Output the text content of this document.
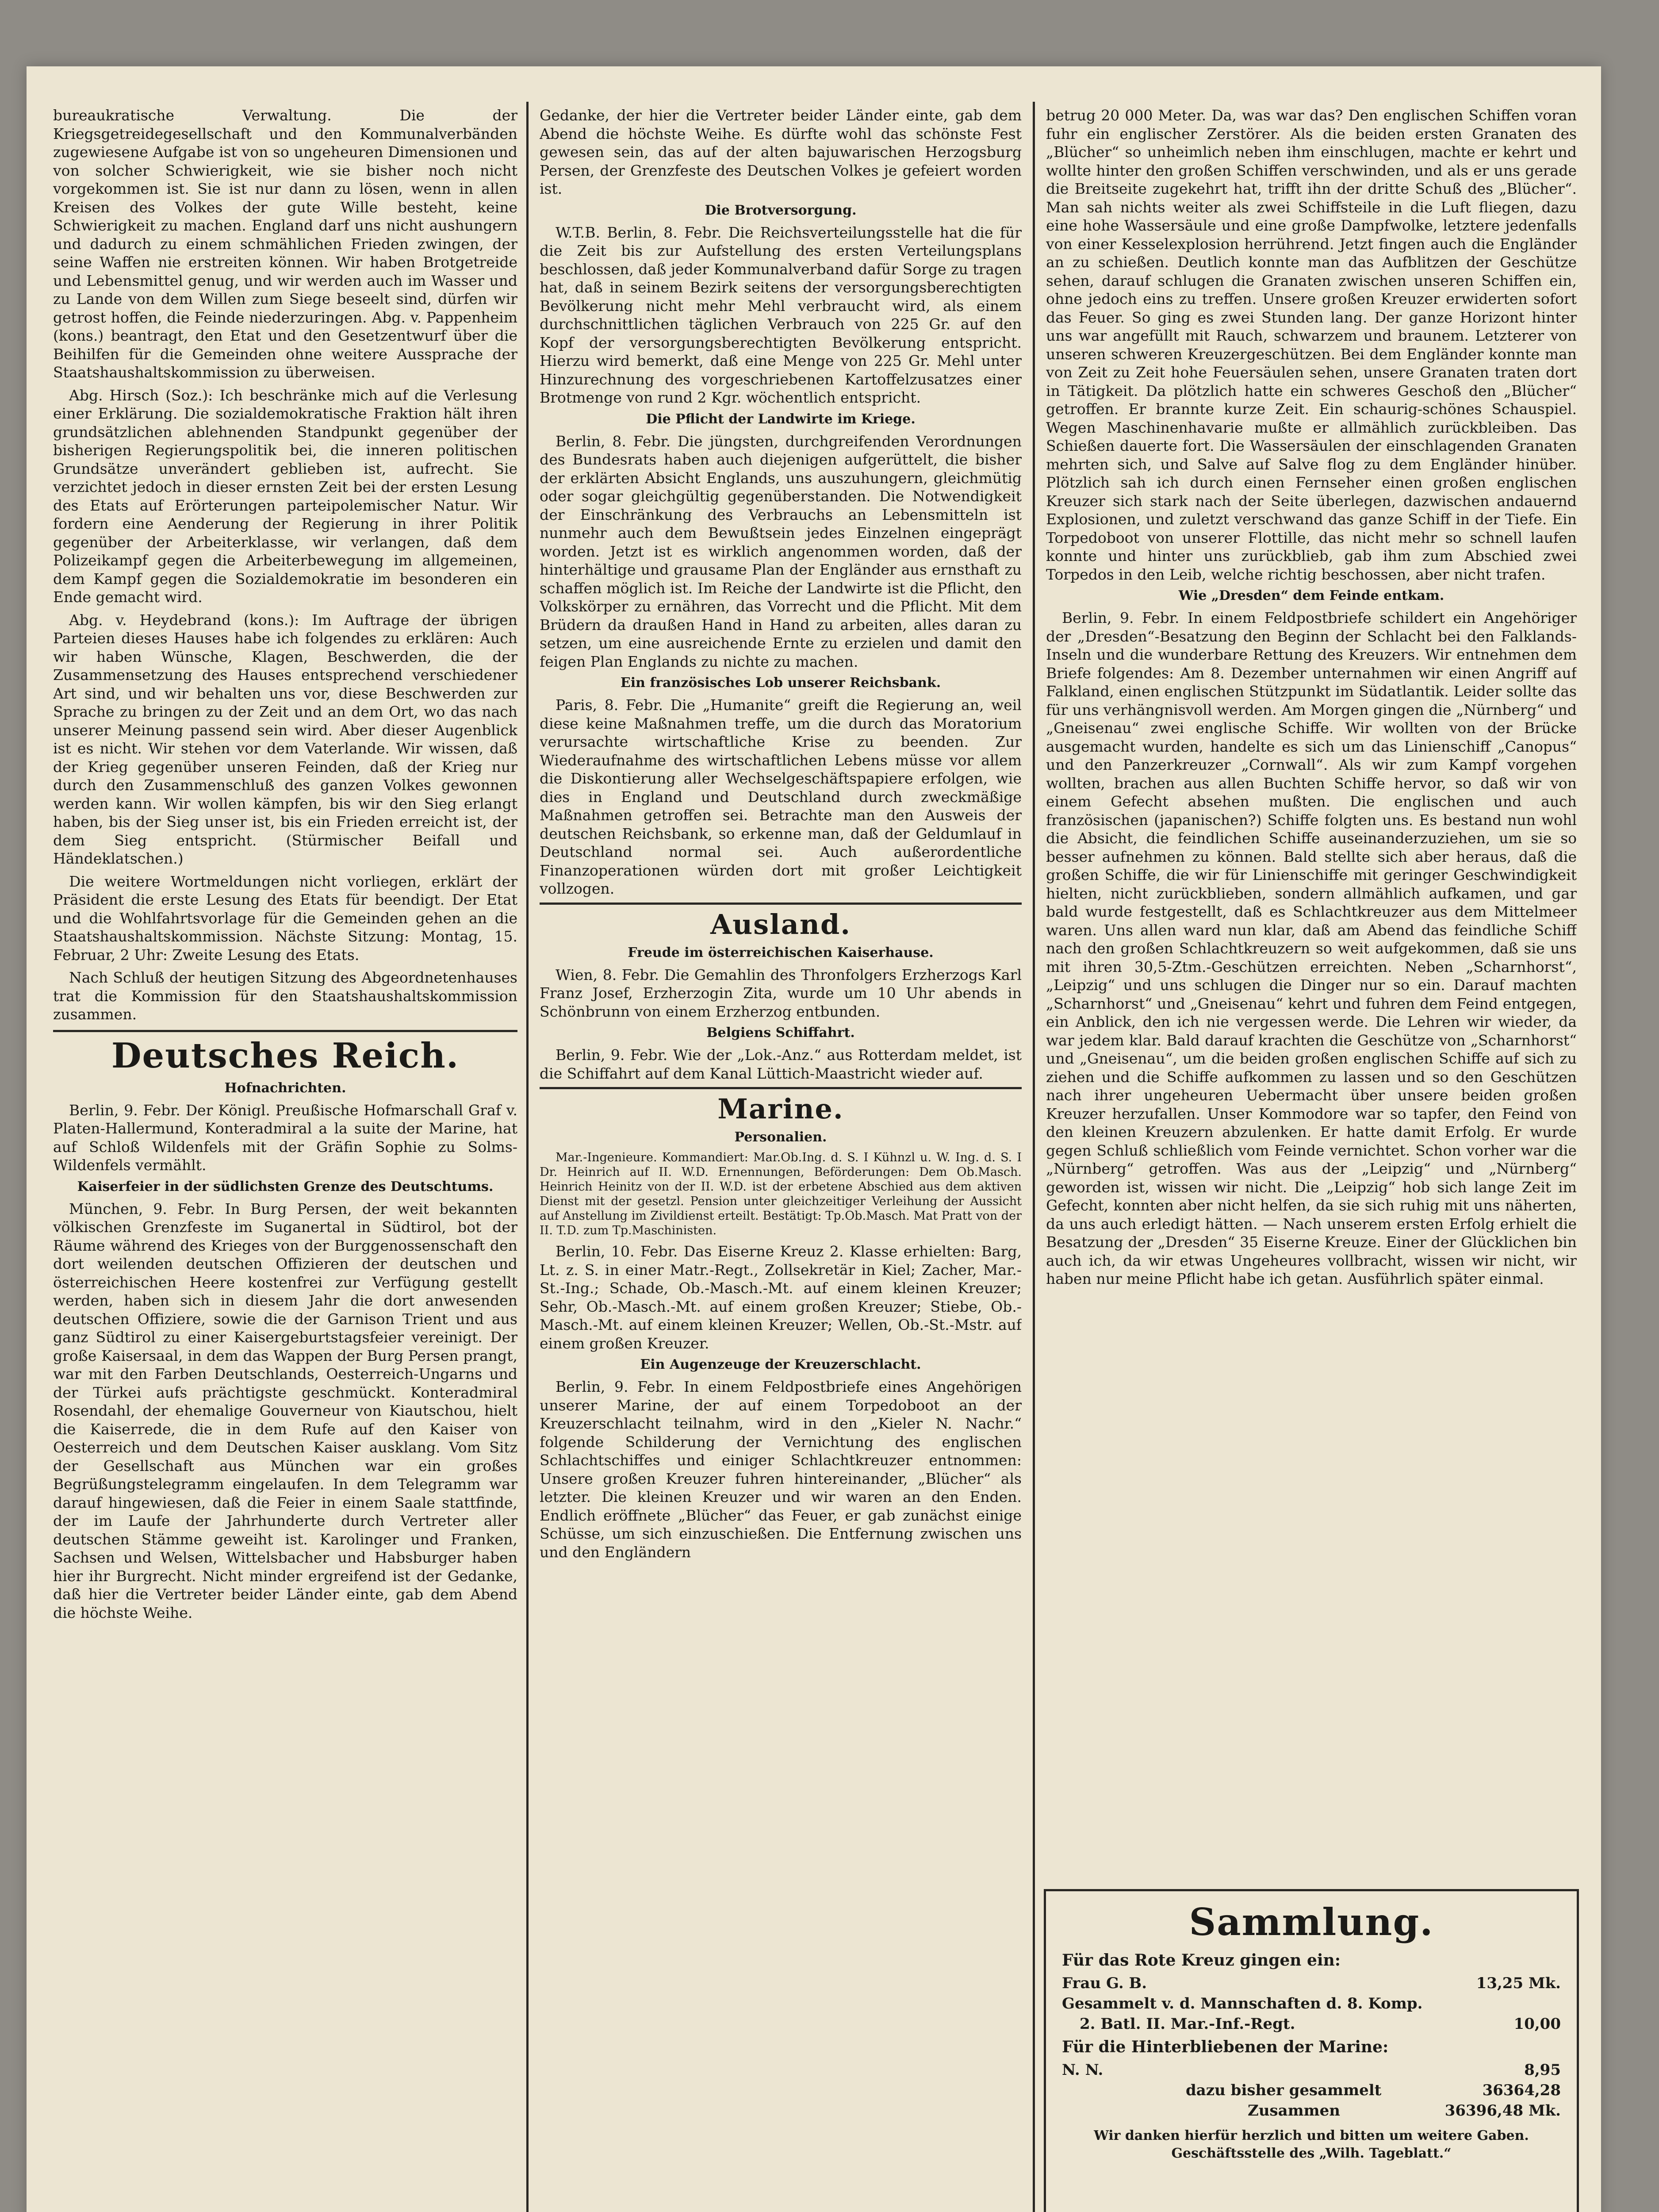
bureaukratische Verwaltung. Die der Kriegsgetreidegesellschaft und den Kommunalverbänden zugewiesene Aufgabe ist von so ungeheuren Dimensionen und von solcher Schwierigkeit, wie sie bisher noch nicht vorgekommen ist. Sie ist nur dann zu lösen, wenn in allen Kreisen des Volkes der gute Wille besteht, keine Schwierigkeit zu machen. England darf uns nicht aushungern und dadurch zu einem schmählichen Frieden zwingen, der seine Waffen nie erstreiten können. Wir haben Brotgetreide und Lebensmittel genug, und wir werden auch im Wasser und zu Lande von dem Willen zum Siege beseelt sind, dürfen wir getrost hoffen, die Feinde niederzuringen. Abg. v. Pappenheim (kons.) beantragt, den Etat und den Gesetzentwurf über die Beihilfen für die Gemeinden ohne weitere Aussprache der Staatshaushaltskommission zu überweisen.

Abg. Hirsch (Soz.): Ich beschränke mich auf die Verlesung einer Erklärung. Die sozialdemokratische Fraktion hält ihren grundsätzlichen ablehnenden Standpunkt gegenüber der bisherigen Regierungspolitik bei, die inneren politischen Grundsätze unverändert geblieben ist, aufrecht. Sie verzichtet jedoch in dieser ernsten Zeit bei der ersten Lesung des Etats auf Erörterungen parteipolemischer Natur. Wir fordern eine Aenderung der Regierung in ihrer Politik gegenüber der Arbeiterklasse, wir verlangen, daß dem Polizeikampf gegen die Arbeiterbewegung im allgemeinen, dem Kampf gegen die Sozialdemokratie im besonderen ein Ende gemacht wird.

Abg. v. Heydebrand (kons.): Im Auftrage der übrigen Parteien dieses Hauses habe ich folgendes zu erklären: Auch wir haben Wünsche, Klagen, Beschwerden, die der Zusammensetzung des Hauses entsprechend verschiedener Art sind, und wir behalten uns vor, diese Beschwerden zur Sprache zu bringen zu der Zeit und an dem Ort, wo das nach unserer Meinung passend sein wird. Aber dieser Augenblick ist es nicht. Wir stehen vor dem Vaterlande. Wir wissen, daß der Krieg gegenüber unseren Feinden, daß der Krieg nur durch den Zusammenschluß des ganzen Volkes gewonnen werden kann. Wir wollen kämpfen, bis wir den Sieg erlangt haben, bis der Sieg unser ist, bis ein Frieden erreicht ist, der dem Sieg entspricht. (Stürmischer Beifall und Händeklatschen.)

Die weitere Wortmeldungen nicht vorliegen, erklärt der Präsident die erste Lesung des Etats für beendigt. Der Etat und die Wohlfahrtsvorlage für die Gemeinden gehen an die Staatshaushaltskommission. Nächste Sitzung: Montag, 15. Februar, 2 Uhr: Zweite Lesung des Etats.

Nach Schluß der heutigen Sitzung des Abgeordnetenhauses trat die Kommission für den Staatshaushaltskommission zusammen.

Deutsches Reich.
Hofnachrichten.

Berlin, 9. Febr. Der Königl. Preußische Hofmarschall Graf v. Platen-Hallermund, Konteradmiral a la suite der Marine, hat auf Schloß Wildenfels mit der Gräfin Sophie zu Solms-Wildenfels vermählt.

Kaiserfeier in der südlichsten Grenze des Deutschtums.

München, 9. Febr. In Burg Persen, der weit bekannten völkischen Grenzfeste im Suganertal in Südtirol, bot der Räume während des Krieges von der Burggenossenschaft den dort weilenden deutschen Offizieren der deutschen und österreichischen Heere kostenfrei zur Verfügung gestellt werden, haben sich in diesem Jahr die dort anwesenden deutschen Offiziere, sowie die der Garnison Trient und aus ganz Südtirol zu einer Kaisergeburtstagsfeier vereinigt. Der große Kaisersaal, in dem das Wappen der Burg Persen prangt, war mit den Farben Deutschlands, Oesterreich-Ungarns und der Türkei aufs prächtigste geschmückt. Konteradmiral Rosendahl, der ehemalige Gouverneur von Kiautschou, hielt die Kaiserrede, die in dem Rufe auf den Kaiser von Oesterreich und dem Deutschen Kaiser ausklang. Vom Sitz der Gesellschaft aus München war ein großes Begrüßungstelegramm eingelaufen. In dem Telegramm war darauf hingewiesen, daß die Feier in einem Saale stattfinde, der im Laufe der Jahrhunderte durch Vertreter aller deutschen Stämme geweiht ist. Karolinger und Franken, Sachsen und Welsen, Wittelsbacher und Habsburger haben hier ihr Burgrecht. Nicht minder ergreifend ist der Gedanke, daß hier die Vertreter beider Länder einte, gab dem Abend die höchste Weihe.

Gedanke, der hier die Vertreter beider Länder einte, gab dem Abend die höchste Weihe. Es dürfte wohl das schönste Fest gewesen sein, das auf der alten bajuwarischen Herzogsburg Persen, der Grenzfeste des Deutschen Volkes je gefeiert worden ist.

Die Brotversorgung.

W.T.B. Berlin, 8. Febr. Die Reichsverteilungsstelle hat die für die Zeit bis zur Aufstellung des ersten Verteilungsplans beschlossen, daß jeder Kommunalverband dafür Sorge zu tragen hat, daß in seinem Bezirk seitens der versorgungsberechtigten Bevölkerung nicht mehr Mehl verbraucht wird, als einem durchschnittlichen täglichen Verbrauch von 225 Gr. auf den Kopf der versorgungsberechtigten Bevölkerung entspricht. Hierzu wird bemerkt, daß eine Menge von 225 Gr. Mehl unter Hinzurechnung des vorgeschriebenen Kartoffelzusatzes einer Brotmenge von rund 2 Kgr. wöchentlich entspricht.

Die Pflicht der Landwirte im Kriege.

Berlin, 8. Febr. Die jüngsten, durchgreifenden Verordnungen des Bundesrats haben auch diejenigen aufgerüttelt, die bisher der erklärten Absicht Englands, uns auszuhungern, gleichmütig oder sogar gleichgültig gegenüberstanden. Die Notwendigkeit der Einschränkung des Verbrauchs an Lebensmitteln ist nunmehr auch dem Bewußtsein jedes Einzelnen eingeprägt worden. Jetzt ist es wirklich angenommen worden, daß der hinterhältige und grausame Plan der Engländer aus ernsthaft zu schaffen möglich ist. Im Reiche der Landwirte ist die Pflicht, den Volkskörper zu ernähren, das Vorrecht und die Pflicht. Mit dem Brüdern da draußen Hand in Hand zu arbeiten, alles daran zu setzen, um eine ausreichende Ernte zu erzielen und damit den feigen Plan Englands zu nichte zu machen.

Ein französisches Lob unserer Reichsbank.

Paris, 8. Febr. Die „Humanite“ greift die Regierung an, weil diese keine Maßnahmen treffe, um die durch das Moratorium verursachte wirtschaftliche Krise zu beenden. Zur Wiederaufnahme des wirtschaftlichen Lebens müsse vor allem die Diskontierung aller Wechselgeschäftspapiere erfolgen, wie dies in England und Deutschland durch zweckmäßige Maßnahmen getroffen sei. Betrachte man den Ausweis der deutschen Reichsbank, so erkenne man, daß der Geldumlauf in Deutschland normal sei. Auch außerordentliche Finanzoperationen würden dort mit großer Leichtigkeit vollzogen.

Ausland.
Freude im österreichischen Kaiserhause.

Wien, 8. Febr. Die Gemahlin des Thronfolgers Erzherzogs Karl Franz Josef, Erzherzogin Zita, wurde um 10 Uhr abends in Schönbrunn von einem Erzherzog entbunden.

Belgiens Schiffahrt.

Berlin, 9. Febr. Wie der „Lok.-Anz.“ aus Rotterdam meldet, ist die Schiffahrt auf dem Kanal Lüttich-Maastricht wieder auf.

Marine.
Personalien.

Mar.-Ingenieure. Kommandiert: Mar.Ob.Ing. d. S. I Kühnzl u. W. Ing. d. S. I Dr. Heinrich auf II. W.D. Ernennungen, Beförderungen: Dem Ob.Masch. Heinrich Heinitz von der II. W.D. ist der erbetene Abschied aus dem aktiven Dienst mit der gesetzl. Pension unter gleichzeitiger Verleihung der Aussicht auf Anstellung im Zivildienst erteilt. Bestätigt: Tp.Ob.Masch. Mat Pratt von der II. T.D. zum Tp.Maschinisten.

Berlin, 10. Febr. Das Eiserne Kreuz 2. Klasse erhielten: Barg, Lt. z. S. in einer Matr.-Regt., Zollsekretär in Kiel; Zacher, Mar.-St.-Ing.; Schade, Ob.-Masch.-Mt. auf einem kleinen Kreuzer; Sehr, Ob.-Masch.-Mt. auf einem großen Kreuzer; Stiebe, Ob.-Masch.-Mt. auf einem kleinen Kreuzer; Wellen, Ob.-St.-Mstr. auf einem großen Kreuzer.

Ein Augenzeuge der Kreuzerschlacht.

Berlin, 9. Febr. In einem Feldpostbriefe eines Angehörigen unserer Marine, der auf einem Torpedoboot an der Kreuzerschlacht teilnahm, wird in den „Kieler N. Nachr.“ folgende Schilderung der Vernichtung des englischen Schlachtschiffes und einiger Schlachtkreuzer entnommen: Unsere großen Kreuzer fuhren hintereinander, „Blücher“ als letzter. Die kleinen Kreuzer und wir waren an den Enden. Endlich eröffnete „Blücher“ das Feuer, er gab zunächst einige Schüsse, um sich einzuschießen. Die Entfernung zwischen uns und den Engländern

betrug 20 000 Meter. Da, was war das? Den englischen Schiffen voran fuhr ein englischer Zerstörer. Als die beiden ersten Granaten des „Blücher“ so unheimlich neben ihm einschlugen, machte er kehrt und wollte hinter den großen Schiffen verschwinden, und als er uns gerade die Breitseite zugekehrt hat, trifft ihn der dritte Schuß des „Blücher“. Man sah nichts weiter als zwei Schiffsteile in die Luft fliegen, dazu eine hohe Wassersäule und eine große Dampfwolke, letztere jedenfalls von einer Kesselexplosion herrührend. Jetzt fingen auch die Engländer an zu schießen. Deutlich konnte man das Aufblitzen der Geschütze sehen, darauf schlugen die Granaten zwischen unseren Schiffen ein, ohne jedoch eins zu treffen. Unsere großen Kreuzer erwiderten sofort das Feuer. So ging es zwei Stunden lang. Der ganze Horizont hinter uns war angefüllt mit Rauch, schwarzem und braunem. Letzterer von unseren schweren Kreuzergeschützen. Bei dem Engländer konnte man von Zeit zu Zeit hohe Feuersäulen sehen, unsere Granaten traten dort in Tätigkeit. Da plötzlich hatte ein schweres Geschoß den „Blücher“ getroffen. Er brannte kurze Zeit. Ein schaurig-schönes Schauspiel. Wegen Maschinenhavarie mußte er allmählich zurückbleiben. Das Schießen dauerte fort. Die Wassersäulen der einschlagenden Granaten mehrten sich, und Salve auf Salve flog zu dem Engländer hinüber. Plötzlich sah ich durch einen Fernseher einen großen englischen Kreuzer sich stark nach der Seite überlegen, dazwischen andauernd Explosionen, und zuletzt verschwand das ganze Schiff in der Tiefe. Ein Torpedoboot von unserer Flottille, das nicht mehr so schnell laufen konnte und hinter uns zurückblieb, gab ihm zum Abschied zwei Torpedos in den Leib, welche richtig beschossen, aber nicht trafen.

Wie „Dresden“ dem Feinde entkam.

Berlin, 9. Febr. In einem Feldpostbriefe schildert ein Angehöriger der „Dresden“-Besatzung den Beginn der Schlacht bei den Falklands-Inseln und die wunderbare Rettung des Kreuzers. Wir entnehmen dem Briefe folgendes: Am 8. Dezember unternahmen wir einen Angriff auf Falkland, einen englischen Stützpunkt im Südatlantik. Leider sollte das für uns verhängnisvoll werden. Am Morgen gingen die „Nürnberg“ und „Gneisenau“ zwei englische Schiffe. Wir wollten von der Brücke ausgemacht wurden, handelte es sich um das Linienschiff „Canopus“ und den Panzerkreuzer „Cornwall“. Als wir zum Kampf vorgehen wollten, brachen aus allen Buchten Schiffe hervor, so daß wir von einem Gefecht absehen mußten. Die englischen und auch französischen (japanischen?) Schiffe folgten uns. Es bestand nun wohl die Absicht, die feindlichen Schiffe auseinanderzuziehen, um sie so besser aufnehmen zu können. Bald stellte sich aber heraus, daß die großen Schiffe, die wir für Linienschiffe mit geringer Geschwindigkeit hielten, nicht zurückblieben, sondern allmählich aufkamen, und gar bald wurde festgestellt, daß es Schlachtkreuzer aus dem Mittelmeer waren. Uns allen ward nun klar, daß am Abend das feindliche Schiff nach den großen Schlachtkreuzern so weit aufgekommen, daß sie uns mit ihren 30,5-Ztm.-Geschützen erreichten. Neben „Scharnhorst“, „Leipzig“ und uns schlugen die Dinger nur so ein. Darauf machten „Scharnhorst“ und „Gneisenau“ kehrt und fuhren dem Feind entgegen, ein Anblick, den ich nie vergessen werde. Die Lehren wir wieder, da war jedem klar. Bald darauf krachten die Geschütze von „Scharnhorst“ und „Gneisenau“, um die beiden großen englischen Schiffe auf sich zu ziehen und die Schiffe aufkommen zu lassen und so den Geschützen nach ihrer ungeheuren Uebermacht über unsere beiden großen Kreuzer herzufallen. Unser Kommodore war so tapfer, den Feind von den kleinen Kreuzern abzulenken. Er hatte damit Erfolg. Er wurde gegen Schluß schließlich vom Feinde vernichtet. Schon vorher war die „Nürnberg“ getroffen. Was aus der „Leipzig“ und „Nürnberg“ geworden ist, wissen wir nicht. Die „Leipzig“ hob sich lange Zeit im Gefecht, konnten aber nicht helfen, da sie sich ruhig mit uns näherten, da uns auch erledigt hätten. — Nach unserem ersten Erfolg erhielt die Besatzung der „Dresden“ 35 Eiserne Kreuze. Einer der Glücklichen bin auch ich, da wir etwas Ungeheures vollbracht, wissen wir nicht, wir haben nur meine Pflicht habe ich getan. Ausführlich später einmal.

Sammlung.
Für das Rote Kreuz gingen ein:
Frau G. B.	13,25 Mk.
Gesammelt v. d. Mannschaften d. 8. Komp.
2. Batl. II. Mar.-Inf.-Regt.	10,00
Für die Hinterbliebenen der Marine:
N. N.	8,95
dazu bisher gesammelt	36364,28
Zusammen	36396,48 Mk.
Wir danken hierfür herzlich und bitten um weitere Gaben. Geschäftsstelle des „Wilh. Tageblatt.“
